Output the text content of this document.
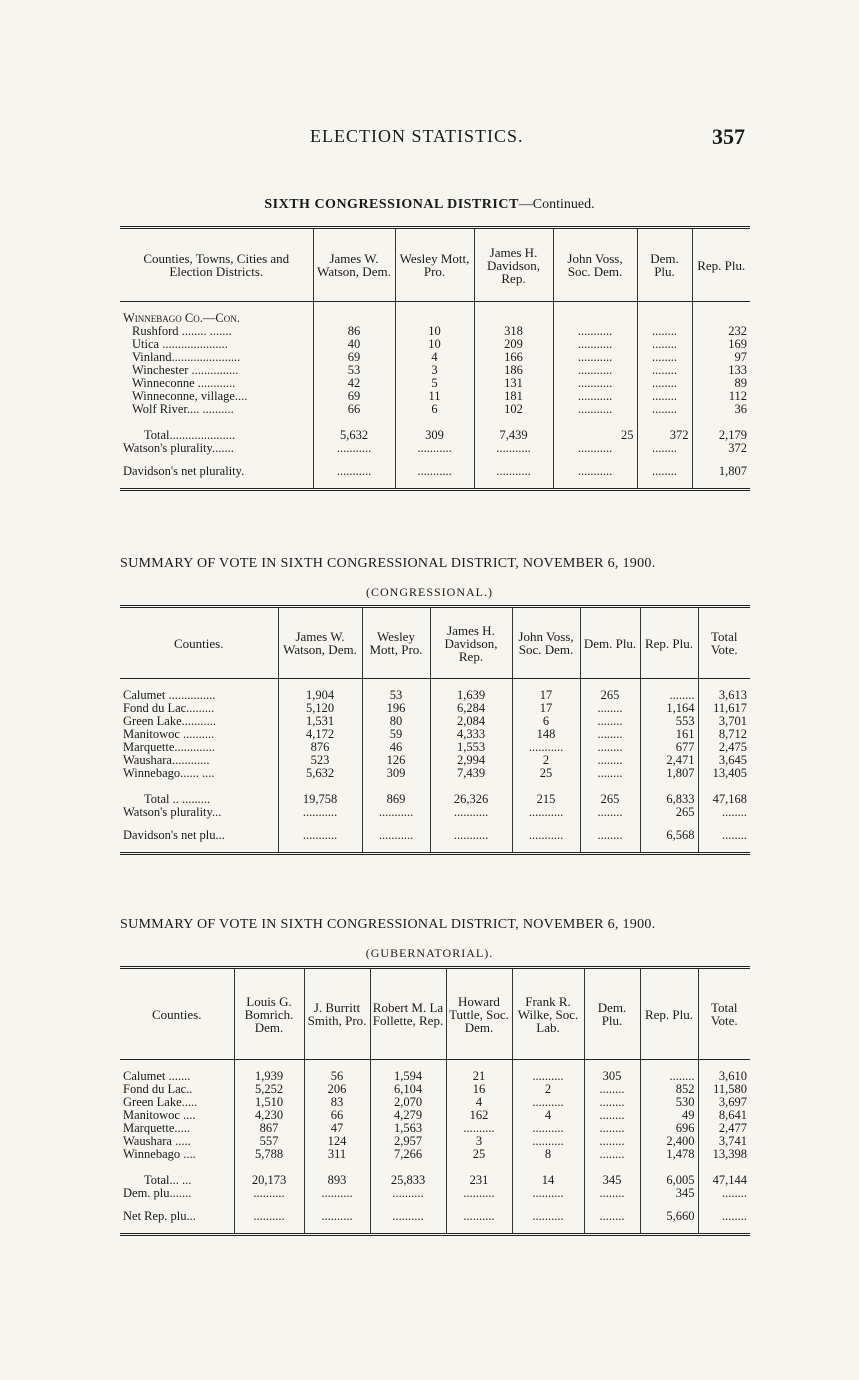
ELECTION STATISTICS.	357
SIXTH CONGRESSIONAL DISTRICT—Continued.
Counties, Towns, Cities and Election Districts.	James W. Watson, Dem.	Wesley Mott, Pro.	James H. Davidson, Rep.	John Voss, Soc. Dem.	Dem. Plu.	Rep. Plu.

Winnebago Co.—Con.						
Rushford ........ .......	86	10	318	...........	........	232
Utica .....................	40	10	209	...........	........	169
Vinland......................	69	4	166	...........	........	97
Winchester ...............	53	3	186	...........	........	133
Winneconne ............	42	5	131	...........	........	89
Winneconne, village....	69	11	181	...........	........	112
Wolf River.... ..........	66	6	102	...........	........	36

Total.....................	5,632	309	7,439	25	372	2,179
Watson's plurality.......	...........	...........	...........	...........	........	372

Davidson's net plurality.	...........	...........	...........	...........	........	1,807

SUMMARY OF VOTE IN SIXTH CONGRESSIONAL DISTRICT, NOVEMBER 6, 1900.
(CONGRESSIONAL.)
Counties.	James W. Watson, Dem.	Wesley Mott, Pro.	James H. Davidson, Rep.	John Voss, Soc. Dem.	Dem. Plu.	Rep. Plu.	Total Vote.

Calumet ...............	1,904	53	1,639	17	265	........	3,613
Fond du Lac.........	5,120	196	6,284	17	........	1,164	11,617
Green Lake...........	1,531	80	2,084	6	........	553	3,701
Manitowoc ..........	4,172	59	4,333	148	........	161	8,712
Marquette.............	876	46	1,553	...........	........	677	2,475
Waushara............	523	126	2,994	2	........	2,471	3,645
Winnebago...... ....	5,632	309	7,439	25	........	1,807	13,405

Total .. .........	19,758	869	26,326	215	265	6,833	47,168
Watson's plurality...	...........	...........	...........	...........	........	265	........

Davidson's net plu...	...........	...........	...........	...........	........	6,568	........

SUMMARY OF VOTE IN SIXTH CONGRESSIONAL DISTRICT, NOVEMBER 6, 1900.
(GUBERNATORIAL).
Counties.	Louis G. Bomrich. Dem.	J. Burritt Smith, Pro.	Robert M. La Follette, Rep.	Howard Tuttle, Soc. Dem.	Frank R. Wilke, Soc. Lab.	Dem. Plu.	Rep. Plu.	Total Vote.

Calumet .......	1,939	56	1,594	21	..........	305	........	3,610
Fond du Lac..	5,252	206	6,104	16	2	........	852	11,580
Green Lake.....	1,510	83	2,070	4	..........	........	530	3,697
Manitowoc ....	4,230	66	4,279	162	4	........	49	8,641
Marquette.....	867	47	1,563	..........	..........	........	696	2,477
Waushara .....	557	124	2,957	3	..........	........	2,400	3,741
Winnebago ....	5,788	311	7,266	25	8	........	1,478	13,398

Total... ...	20,173	893	25,833	231	14	345	6,005	47,144
Dem. plu.......	..........	..........	..........	..........	..........	........	345	........

Net Rep. plu...	..........	..........	..........	..........	..........	........	5,660	........
